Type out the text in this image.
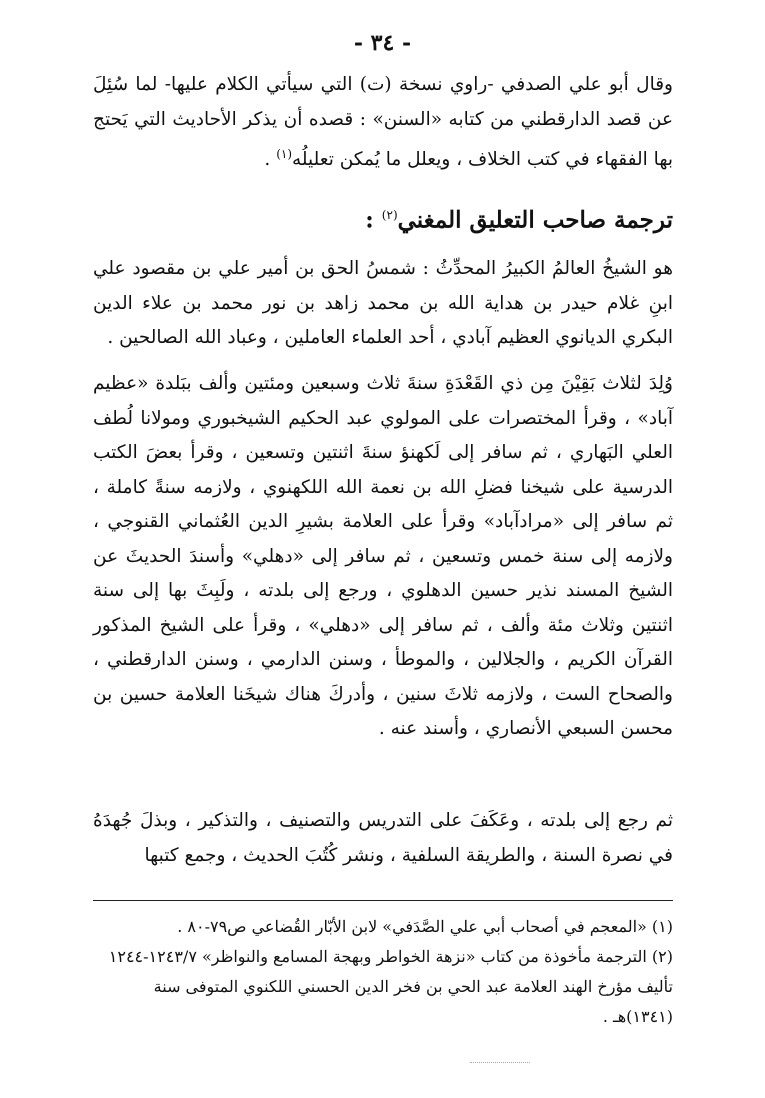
- ٣٤ -
وقال أبو علي الصدفي -راوي نسخة (ت) التي سيأتي الكلام عليها- لما سُئِلَ عن قصد الدارقطني من كتابه «السنن» : قصده أن يذكر الأحاديث التي يَحتج بها الفقهاء في كتب الخلاف ، ويعلل ما يُمكن تعليلُه$^{(١)}$ .
ترجمة صاحب التعليق المغني$^{(٢)}$ :
هو الشيخُ العالمُ الكبيرُ المحدِّثُ : شمسُ الحق بن أمير علي بن مقصود علي ابنِ غلام حيدر بن هداية الله بن محمد زاهد بن نور محمد بن علاء الدين البكري الديانوي العظيم آبادي ، أحد العلماء العاملين ، وعباد الله الصالحين .
وُلِدَ لثلاث بَقِيْنَ مِن ذي القَعْدَةِ سنةَ ثلاث وسبعين ومئتين وألف ببَلدة «عظيم آباد» ، وقرأ المختصرات على المولوي عبد الحكيم الشيخبوري ومولانا لُطف العلي البَهاري ، ثم سافر إلى لَكهنؤ سنةَ اثنتين وتسعين ، وقرأ بعضَ الكتب الدرسية على شيخنا فضلِ الله بن نعمة الله اللكهنوي ، ولازمه سنةً كاملة ، ثم سافر إلى «مرادآباد» وقرأ على العلامة بشيرِ الدين العُثماني القنوجي ، ولازمه إلى سنة خمس وتسعين ، ثم سافر إلى «دهلي» وأسندَ الحديثَ عن الشيخ المسند نذير حسين الدهلوي ، ورجع إلى بلدته ، ولَبِثَ بها إلى سنة اثنتين وثلاث مئة وألف ، ثم سافر إلى «دهلي» ، وقرأ على الشيخ المذكور القرآن الكريم ، والجلالين ، والموطأ ، وسنن الدارمي ، وسنن الدارقطني ، والصحاح الست ، ولازمه ثلاثَ سنين ، وأدركَ هناك شيخَنا العلامة حسين بن محسن السبعي الأنصاري ، وأسند عنه .
ثم رجع إلى بلدته ، وعَكَفَ على التدريس والتصنيف ، والتذكير ، وبذلَ جُهدَهُ في نصرة السنة ، والطريقة السلفية ، ونشر كُتُبَ الحديث ، وجمع كتبها
(١) «المعجم في أصحاب أبي علي الصَّدَفي» لابن الأبّار القُضاعي ص٧٩-٨٠ .
(٢) الترجمة مأخوذة من كتاب «نزهة الخواطر وبهجة المسامع والنواظر» ١٢٤٣/٧-١٢٤٤ تأليف مؤرخ الهند العلامة عبد الحي بن فخر الدين الحسني اللكنوي المتوفى سنة (١٣٤١)هـ .
